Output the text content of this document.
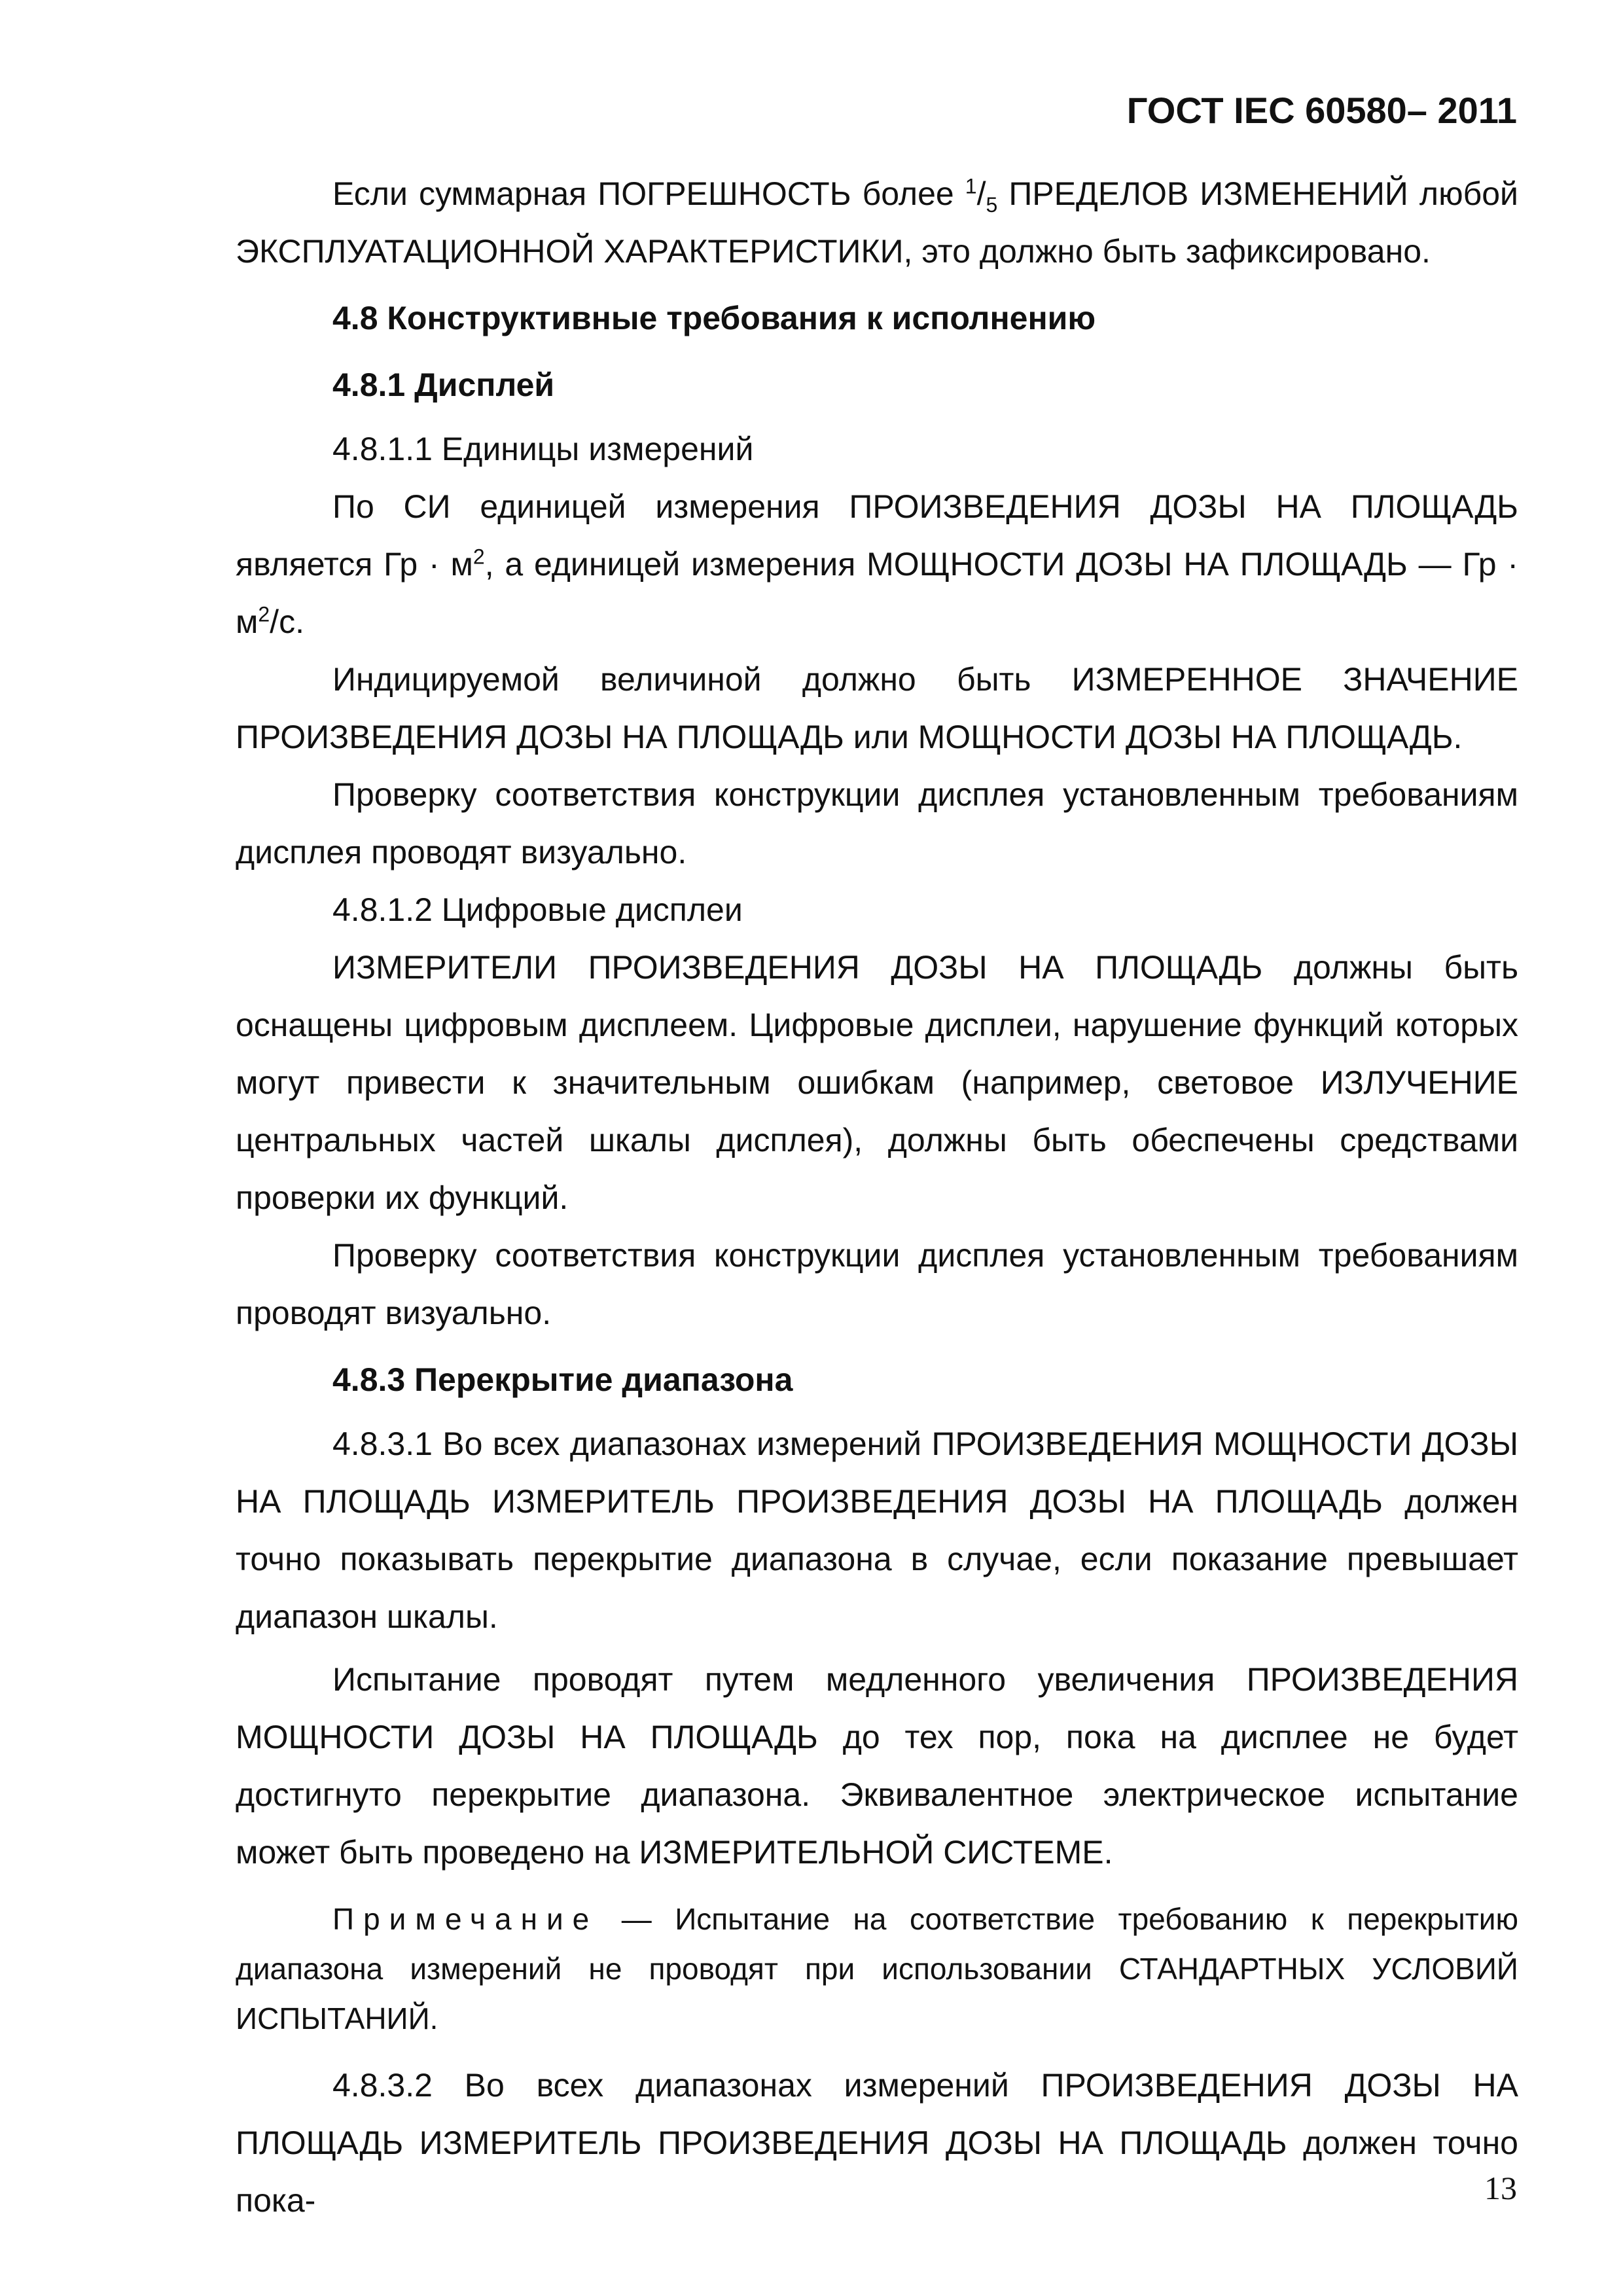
ГОСТ IEC 60580– 2011

Если суммарная ПОГРЕШНОСТЬ более $^1/_5$ ПРЕДЕЛОВ ИЗМЕНЕНИЙ любой ЭКСПЛУАТАЦИОННОЙ ХАРАКТЕРИСТИКИ, это должно быть зафиксировано.

4.8 Конструктивные требования к исполнению

4.8.1 Дисплей

4.8.1.1 Единицы измерений

По СИ единицей измерения ПРОИЗВЕДЕНИЯ ДОЗЫ НА ПЛОЩАДЬ является Гр · $м^2$, а единицей измерения МОЩНОСТИ ДОЗЫ НА ПЛОЩАДЬ — Гр · $м^2/с$.

Индицируемой величиной должно быть ИЗМЕРЕННОЕ ЗНАЧЕНИЕ ПРОИЗВЕДЕНИЯ ДОЗЫ НА ПЛОЩАДЬ или МОЩНОСТИ ДОЗЫ НА ПЛОЩАДЬ.

Проверку соответствия конструкции дисплея установленным требованиям дисплея проводят визуально.

4.8.1.2 Цифровые дисплеи

ИЗМЕРИТЕЛИ ПРОИЗВЕДЕНИЯ ДОЗЫ НА ПЛОЩАДЬ должны быть оснащены цифровым дисплеем. Цифровые дисплеи, нарушение функций которых могут привести к значительным ошибкам (например, световое ИЗЛУЧЕНИЕ центральных частей шкалы дисплея), должны быть обеспечены средствами проверки их функций.

Проверку соответствия конструкции дисплея установленным требованиям проводят визуально.

4.8.3 Перекрытие диапазона

4.8.3.1 Во всех диапазонах измерений ПРОИЗВЕДЕНИЯ МОЩНОСТИ ДОЗЫ НА ПЛОЩАДЬ ИЗМЕРИТЕЛЬ ПРОИЗВЕДЕНИЯ ДОЗЫ НА ПЛОЩАДЬ должен точно показывать перекрытие диапазона в случае, если показание превышает диапазон шкалы.

Испытание проводят путем медленного увеличения ПРОИЗВЕДЕНИЯ МОЩНОСТИ ДОЗЫ НА ПЛОЩАДЬ до тех пор, пока на дисплее не будет достигнуто перекрытие диапазона. Эквивалентное электрическое испытание может быть проведено на ИЗМЕРИТЕЛЬНОЙ СИСТЕМЕ.

Примечание — Испытание на соответствие требованию к перекрытию диапазона измерений не проводят при использовании СТАНДАРТНЫХ УСЛОВИЙ ИСПЫТАНИЙ.

4.8.3.2 Во всех диапазонах измерений ПРОИЗВЕДЕНИЯ ДОЗЫ НА ПЛОЩАДЬ ИЗМЕРИТЕЛЬ ПРОИЗВЕДЕНИЯ ДОЗЫ НА ПЛОЩАДЬ должен точно пока-	13
